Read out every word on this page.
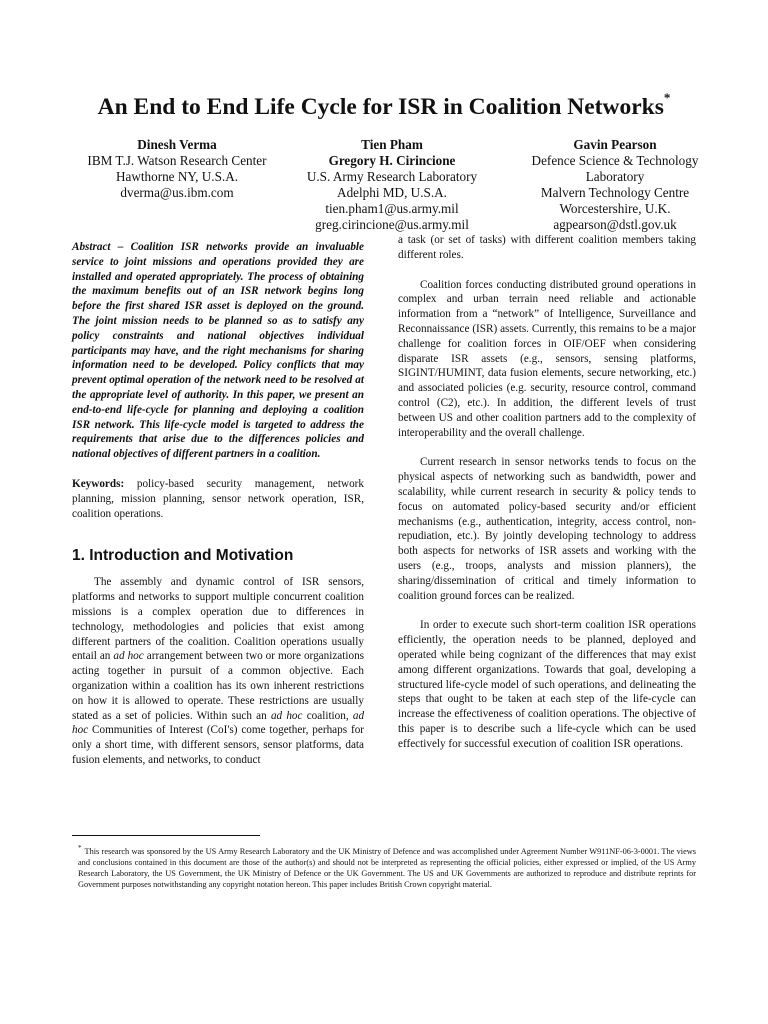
An End to End Life Cycle for ISR in Coalition Networks*
Dinesh Verma
IBM T.J. Watson Research Center
Hawthorne NY, U.S.A.
dverma@us.ibm.com
Tien Pham
Gregory H. Cirincione
U.S. Army Research Laboratory
Adelphi MD, U.S.A.
tien.pham1@us.army.mil
greg.cirincione@us.army.mil
Gavin Pearson
Defence Science & Technology
Laboratory
Malvern Technology Centre
Worcestershire, U.K.
agpearson@dstl.gov.uk

Abstract – Coalition ISR networks provide an invaluable service to joint missions and operations provided they are installed and operated appropriately. The process of obtaining the maximum benefits out of an ISR network begins long before the first shared ISR asset is deployed on the ground. The joint mission needs to be planned so as to satisfy any policy constraints and national objectives individual participants may have, and the right mechanisms for sharing information need to be developed. Policy conflicts that may prevent optimal operation of the network need to be resolved at the appropriate level of authority. In this paper, we present an end-to-end life-cycle for planning and deploying a coalition ISR network. This life-cycle model is targeted to address the requirements that arise due to the differences policies and national objectives of different partners in a coalition.

Keywords: policy-based security management, network planning, mission planning, sensor network operation, ISR, coalition operations.

1. Introduction and Motivation

The assembly and dynamic control of ISR sensors, platforms and networks to support multiple concurrent coalition missions is a complex operation due to differences in technology, methodologies and policies that exist among different partners of the coalition. Coalition operations usually entail an ad hoc arrangement between two or more organizations acting together in pursuit of a common objective. Each organization within a coalition has its own inherent restrictions on how it is allowed to operate. These restrictions are usually stated as a set of policies. Within such an ad hoc coalition, ad hoc Communities of Interest (CoI's) come together, perhaps for only a short time, with different sensors, sensor platforms, data fusion elements, and networks, to conduct

a task (or set of tasks) with different coalition members taking different roles.

Coalition forces conducting distributed ground operations in complex and urban terrain need reliable and actionable information from a “network” of Intelligence, Surveillance and Reconnaissance (ISR) assets. Currently, this remains to be a major challenge for coalition forces in OIF/OEF when considering disparate ISR assets (e.g., sensors, sensing platforms, SIGINT/HUMINT, data fusion elements, secure networking, etc.) and associated policies (e.g. security, resource control, command control (C2), etc.). In addition, the different levels of trust between US and other coalition partners add to the complexity of interoperability and the overall challenge.

Current research in sensor networks tends to focus on the physical aspects of networking such as bandwidth, power and scalability, while current research in security & policy tends to focus on automated policy-based security and/or efficient mechanisms (e.g., authentication, integrity, access control, non-repudiation, etc.). By jointly developing technology to address both aspects for networks of ISR assets and working with the users (e.g., troops, analysts and mission planners), the sharing/dissemination of critical and timely information to coalition ground forces can be realized.

In order to execute such short-term coalition ISR operations efficiently, the operation needs to be planned, deployed and operated while being cognizant of the differences that may exist among different organizations. Towards that goal, developing a structured life-cycle model of such operations, and delineating the steps that ought to be taken at each step of the life-cycle can increase the effectiveness of coalition operations. The objective of this paper is to describe such a life-cycle which can be used effectively for successful execution of coalition ISR operations.

* This research was sponsored by the US Army Research Laboratory and the UK Ministry of Defence and was accomplished under Agreement Number W911NF-06-3-0001. The views and conclusions contained in this document are those of the author(s) and should not be interpreted as representing the official policies, either expressed or implied, of the US Army Research Laboratory, the US Government, the UK Ministry of Defence or the UK Government. The US and UK Governments are authorized to reproduce and distribute reprints for Government purposes notwithstanding any copyright notation hereon. This paper includes British Crown copyright material.
